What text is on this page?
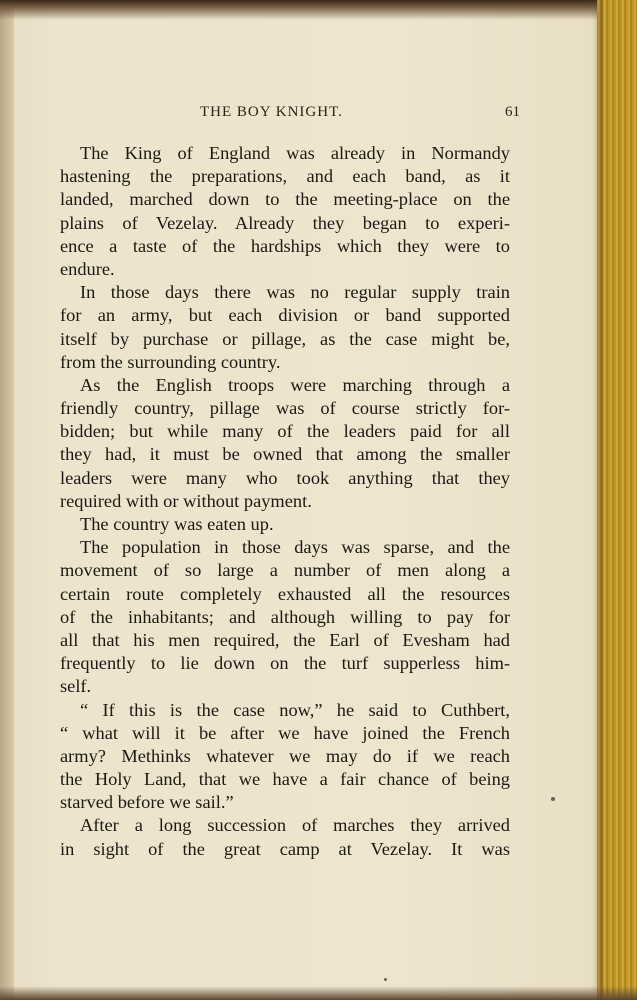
THE BOY KNIGHT.	61
The King of England was already in Normandy
hastening the preparations, and each band, as it
landed, marched down to the meeting-place on the
plains of Vezelay. Already they began to experi-
ence a taste of the hardships which they were to
endure.
In those days there was no regular supply train
for an army, but each division or band supported
itself by purchase or pillage, as the case might be,
from the surrounding country.
As the English troops were marching through a
friendly country, pillage was of course strictly for-
bidden; but while many of the leaders paid for all
they had, it must be owned that among the smaller
leaders were many who took anything that they
required with or without payment.
The country was eaten up.
The population in those days was sparse, and the
movement of so large a number of men along a
certain route completely exhausted all the resources
of the inhabitants; and although willing to pay for
all that his men required, the Earl of Evesham had
frequently to lie down on the turf supperless him-
self.
“ If this is the case now,” he said to Cuthbert,
“ what will it be after we have joined the French
army? Methinks whatever we may do if we reach
the Holy Land, that we have a fair chance of being
starved before we sail.”
After a long succession of marches they arrived
in sight of the great camp at Vezelay. It was
